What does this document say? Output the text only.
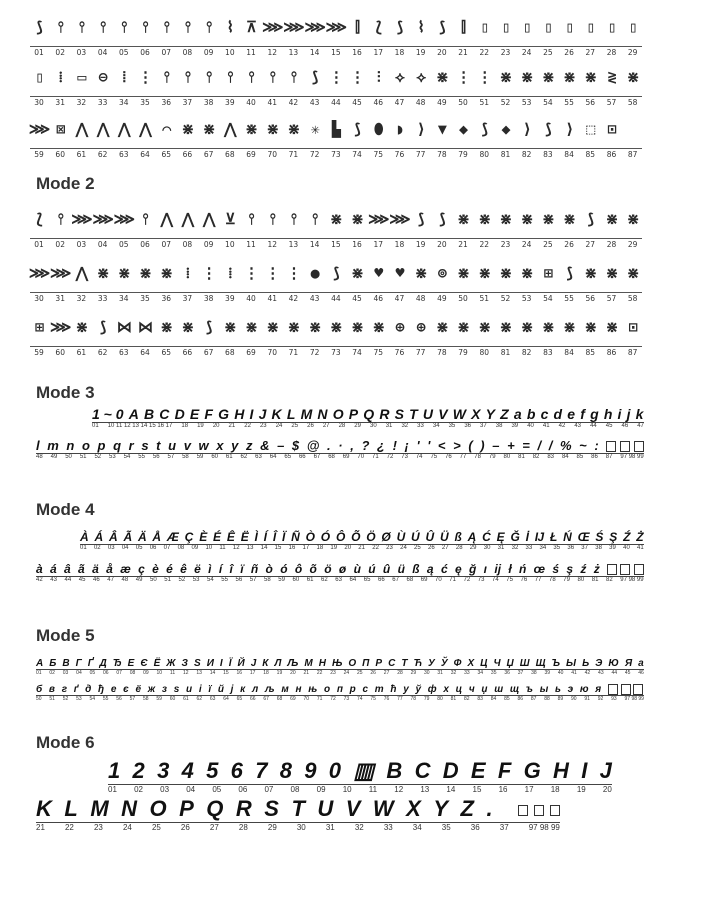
⟆ ⫯	⫯	⫯	⫯	⫯	⫯	⫯	⫯	⌇ ⊼ ⋙ ⋙ ⋙ ⋙ ⫿	⟅ ⟆ ⌇ ⟆	⫿	▯ ▯ ▯ ▯ ▯ ▯ ▯ ▯
01	02	03	04	05	06	07	08	09	10	11	12	13	14	15	16	17	18	19	20	21	22	23	24	25	26	27	28	29
▯	⁞	▭ ⊖	⦙ ⋮ ⫯	⫯	⫯	⫯	⫯	⫯	⫯ ⟆ ⋮ ⋮ ⫶	⟡ ⟡ ⋇ ⋮ ⋮ ⋇ ⋇ ⋇ ⋇ ⋇ ≷ ⋇
30	31	32	33	34	35	36	37	38	39	40	41	42	43	44	45	46	47	48	49	50	51	52	53	54	55	56	57	58
⋙ ⊠ ⋀ ⋀ ⋀ ⋀ ⌒ ⋇ ⋇ ⋀ ⋇ ⋇ ⋇ ✳ ▙ ⟆ ⬮ ◗ ⟩ ▼ ◆ ⟆ ◆ ⟩ ⟆ ⟩ ⬚ ⊡
59	60	61	62	63	64	65	66	67	68	69	70	71	72	73	74	75	76	77	78	79	80	81	82	83	84	85	86	87
Mode 2
⟅ ⫯ ⋙ ⋙ ⋙ ⫯ ⋀ ⋀ ⋀ ⊻ ⫯	⫯	⫯	⫯ ⋇ ⋇ ⋙ ⋙ ⟆ ⟆ ⋇ ⋇ ⋇ ⋇ ⋇ ⋇ ⟆ ⋇ ⋇
01	02	03	04	05	06	07	08	09	10	11	12	13	14	15	16	17	18	19	20	21	22	23	24	25	26	27	28	29
⋙ ⋙ ⋀ ⋇ ⋇ ⋇ ⋇ ⁞ ⋮ ⁞ ⋮ ⋮ ⋮ ● ⟆ ⋇ ♥ ♥ ⋇ ⊚ ⋇ ⋇ ⋇ ⋇ ⊞ ⟆ ⋇ ⋇ ⋇
30	31	32	33	34	35	36	37	38	39	40	41	42	43	44	45	46	47	48	49	50	51	52	53	54	55	56	57	58
⊞ ⋙ ⋇ ⟆ ⋈ ⋈ ⋇ ⋇ ⟆ ⋇ ⋇ ⋇ ⋇ ⋇ ⋇ ⋇ ⋇ ⊕ ⊕ ⋇ ⋇ ⋇ ⋇ ⋇ ⋇ ⋇ ⋇ ⋇ ⊡
59	60	61	62	63	64	65	66	67	68	69	70	71	72	73	74	75	76	77	78	79	80	81	82	83	84	85	86	87
Mode 3
1 ~ 0 A B C D E F G H I J K L M N O P Q R S T U V W X Y Z a b c d e f g h i j k
01 10 11 12 13 14 15 16 17 18 19 20 21 22 23 24 25 26 27 28 29 30 31 32 33 34 35 36 37 38 39 40 41 42 43 44 45 46 47
l m n o p q r s t u v w x y z & – $ @ . · , ? ¿ ! ¡ ' ' < > ( ) – + = / / % ~ :

48 49 50 51 52 53 54 55 56 57 58 59 60 61 62 63 64 65 66 67 68 69 70 71 72 73 74 75 76 77 78 79 80 81 82 83 84 85 86 87 97 98 99
Mode 4
À Á Â Ã Ä Å Æ Ç È É Ê Ë Ì Í Î Ï Ñ Ò Ó Ô Õ Ö Ø Ù Ú Û Ü ß Ą Ć Ę Ğ İ Ĳ Ł Ń Œ Ś Ş Ź Ż
01 02 03 04 05 06 07 08 09 10 11 12 13 14 15 16 17 18 19 20 21 22 23 24 25 26 27 28 29 30 31 32 33 34 35 36 37 38 39 40 41
à á â ã ä å æ ç è é ê ë ì í î ï ñ ò ó ô õ ö ø ù ú û ü ß ą ć ę ğ ı ĳ ł ń œ ś ş ź ż

42 43 44 45 46 47 48 49 50 51 52 53 54 55 56 57 58 59 60 61 62 63 64 65 66 67 68 69 70 71 72 73 74 75 76 77 78 79 80 81 82 97 98 99
Mode 5
А Б В Г Ґ Д Ђ Е Є Ё Ж З Ѕ И І Ї Й Ј К Л Љ М Н Њ О П Р С Т Ћ У Ў Ф Х Ц Ч Џ Ш Щ Ъ Ы Ь Э Ю Я a
01 02 03 04 05 06 07 08 09 10 11 12 13 14 15 16 17 18 19 20 21 22 23 24 25 26 27 28 29 30 31 32 33 34 35 36 37 38 39 40 41 42 43 44 45 46
б в г ґ д ђ е є ё ж з ѕ и і ї й ј к л љ м н њ о п р с т ћ у ў ф х ц ч џ ш щ ъ ы ь э ю я

50 51 52 53 54 55 56 57 58 59 60 61 62 63 64 65 66 67 68 69 70 71 72 73 74 75 76 77 78 79 80 81 82 83 84 85 86 87 88 89 90 91 92 93 97 98 99
Mode 6
1 2 3 4 5 6 7 8 9 0 ▥ B C D E F G H I J
01 02 03 04 05 06 07 08 09 10 11 12 13 14 15 16 17 18 19 20
K L M N O P Q R S T U V W X Y Z .

21	22	23	24	25	26	27	28	29	30	31	32	33	34	35	36	37	97 98 99
